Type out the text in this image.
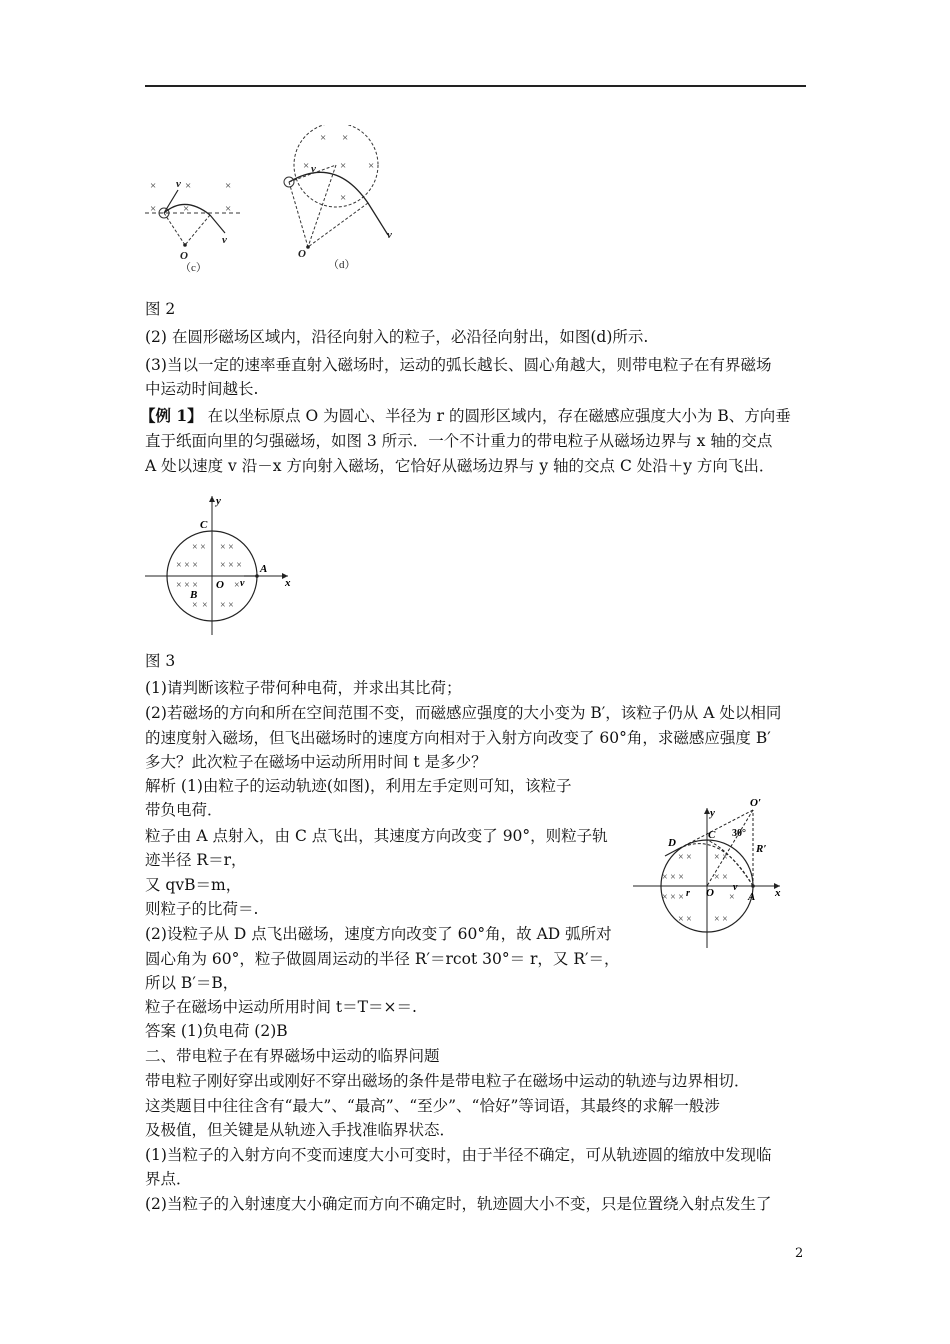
×	×	×
× ×	×
O
v
v
（c）
× ×
×	× ×
×
O
v
v
（d）
图 2
(2) 在圆形磁场区域内，沿径向射入的粒子，必沿径向射出，如图(d)所示.
(3)当以一定的速率垂直射入磁场时，运动的弧长越长、圆心角越大，则带电粒子在有界磁场
中运动时间越长.
【例 1】 在以坐标原点 O 为圆心、半径为 r 的圆形区域内，存在磁感应强度大小为 B、方向垂
直于纸面向里的匀强磁场，如图 3 所示．一个不计重力的带电粒子从磁场边界与 x 轴的交点
A 处以速度 v 沿－x 方向射入磁场，它恰好从磁场边界与 y 轴的交点 C 处沿＋y 方向飞出．
× × × ×
× × × × × ×
× × ×	×
× × × ×
y
x
C
A
O
B
v
图 3
(1)请判断该粒子带何种电荷，并求出其比荷；
(2)若磁场的方向和所在空间范围不变，而磁感应强度的大小变为 B′，该粒子仍从 A 处以相同
的速度射入磁场，但飞出磁场时的速度方向相对于入射方向改变了 60°角，求磁感应强度 B′
多大？此次粒子在磁场中运动所用时间 t 是多少？
解析 (1)由粒子的运动轨迹(如图)，利用左手定则可知，该粒子
带负电荷．
粒子由 A 点射入，由 C 点飞出，其速度方向改变了 90°，则粒子轨
迹半径 R＝r，
又 qvB＝m，
则粒子的比荷＝.
(2)设粒子从 D 点飞出磁场，速度方向改变了 60°角，故 AD 弧所对
圆心角为 60°，粒子做圆周运动的半径 R′＝rcot 30°＝ r，又 R′＝，
所以 B′＝B，
粒子在磁场中运动所用时间 t＝T＝×＝.
× × × ×
× × ×	× ×
× × ×	×
× × × ×
y
x
O′
C
D
A
R′
30°
r
v
O
答案 (1)负电荷 (2)B
二、带电粒子在有界磁场中运动的临界问题
带电粒子刚好穿出或刚好不穿出磁场的条件是带电粒子在磁场中运动的轨迹与边界相切．
这类题目中往往含有“最大”、“最高”、“至少”、“恰好”等词语，其最终的求解一般涉
及极值，但关键是从轨迹入手找准临界状态．
(1)当粒子的入射方向不变而速度大小可变时，由于半径不确定，可从轨迹圆的缩放中发现临
界点．
(2)当粒子的入射速度大小确定而方向不确定时，轨迹圆大小不变，只是位置绕入射点发生了
2
